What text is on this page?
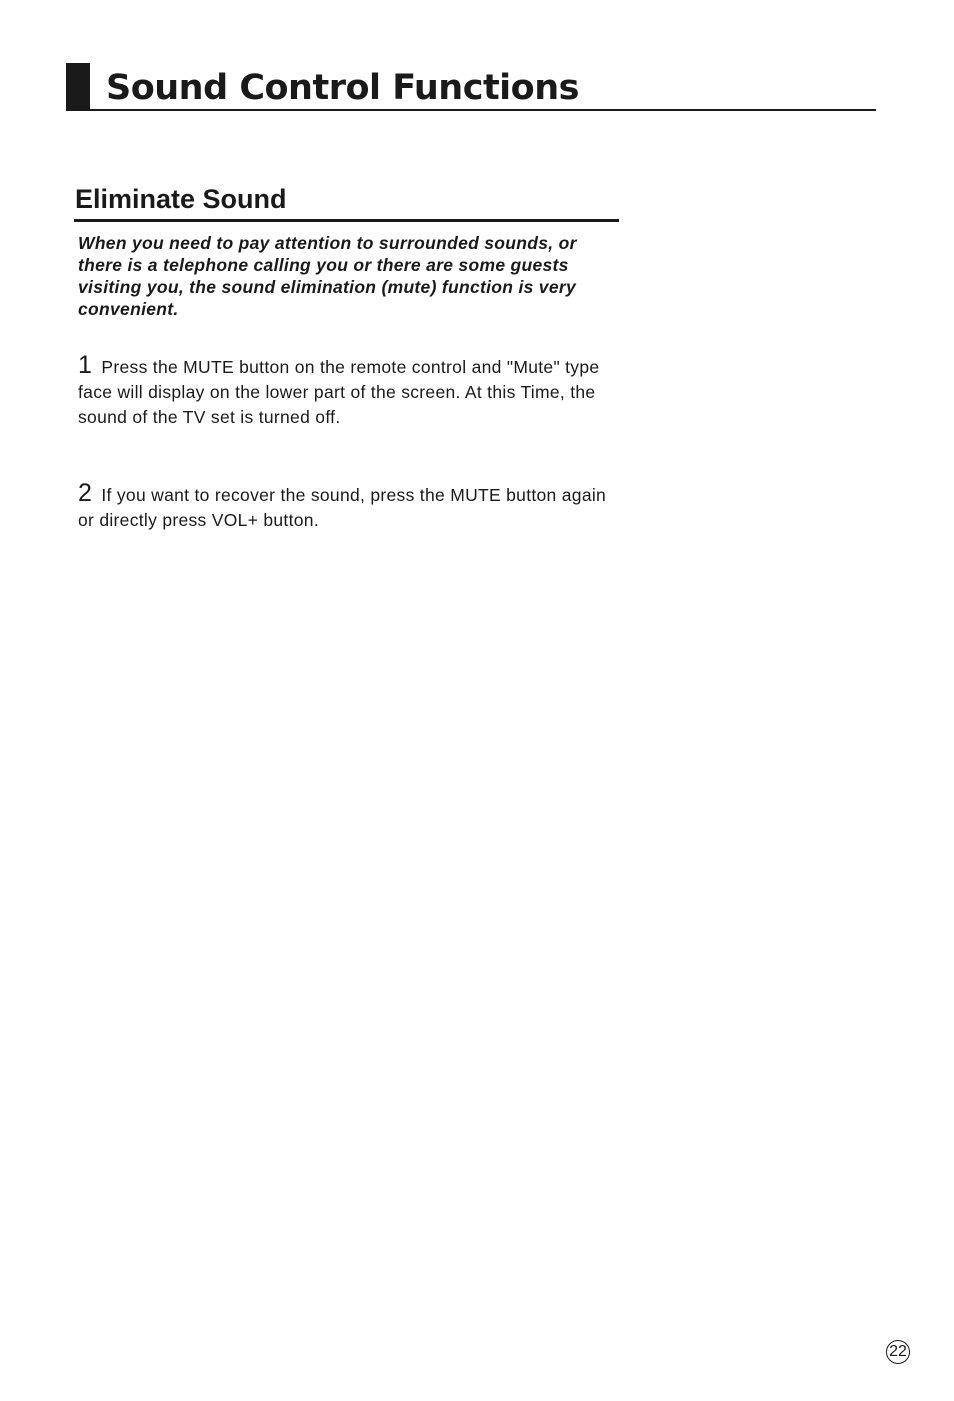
Sound Control Functions
Eliminate Sound

When you need to pay attention to surrounded sounds, or there is a telephone calling you or there are some guests visiting you, the sound elimination (mute) function is very convenient.

1 Press the MUTE button on the remote control and "Mute" type face will display on the lower part of the screen. At this Time, the sound of the TV set is turned off.

2 If you want to recover the sound, press the MUTE button again or directly press VOL+ button.

22
